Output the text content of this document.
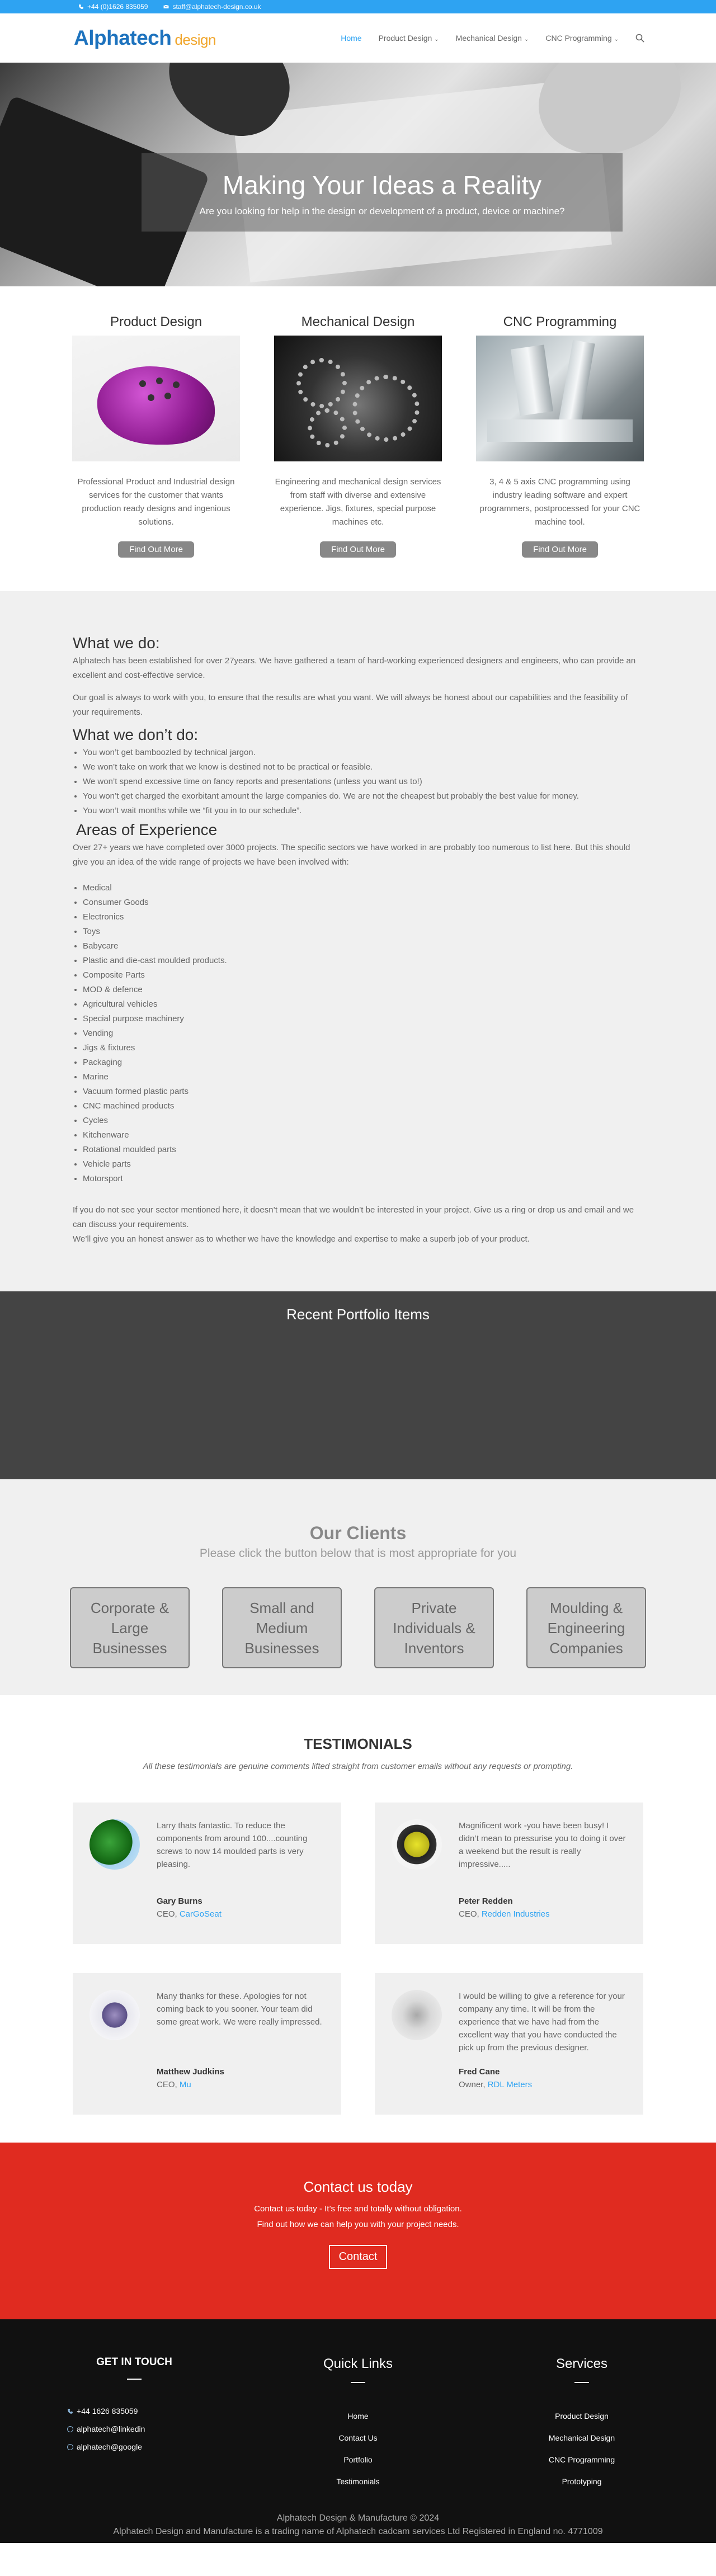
+44 (0)1626 835059	staff@alphatech-design.co.uk
Alphatech design	Home Product Design ⌄ Mechanical Design ⌄ CNC Programming ⌄
Making Your Ideas a Reality

Are you looking for help in the design or development of a product, device or machine?

Product Design

Professional Product and Industrial design services for the customer that wants production ready designs and ingenious solutions.

Find Out More
Mechanical Design

Engineering and mechanical design services from staff with diverse and extensive experience. Jigs, fixtures, special purpose machines etc.

Find Out More
CNC Programming

3, 4 & 5 axis CNC programming using industry leading software and expert programmers, postprocessed for your CNC machine tool.

Find Out More
What we do:

Alphatech has been established for over 27years. We have gathered a team of hard-working experienced designers and engineers, who can provide an excellent and cost-effective service.

Our goal is always to work with you, to ensure that the results are what you want. We will always be honest about our capabilities and the feasibility of your requirements.

What we don’t do:
• You won’t get bamboozled by technical jargon.
• We won’t take on work that we know is destined not to be practical or feasible.
• We won’t spend excessive time on fancy reports and presentations (unless you want us to!)
• You won’t get charged the exorbitant amount the large companies do. We are not the cheapest but probably the best value for money.
• You won’t wait months while we “fit you in to our schedule”.
Areas of Experience

Over 27+ years we have completed over 3000 projects. The specific sectors we have worked in are probably too numerous to list here. But this should give you an idea of the wide range of projects we have been involved with:

• Medical
• Consumer Goods
• Electronics
• Toys
• Babycare
• Plastic and die-cast moulded products.
• Composite Parts
• MOD & defence
• Agricultural vehicles
• Special purpose machinery
• Vending
• Jigs & fixtures
• Packaging
• Marine
• Vacuum formed plastic parts
• CNC machined products
• Cycles
• Kitchenware
• Rotational moulded parts
• Vehicle parts
• Motorsport

If you do not see your sector mentioned here, it doesn’t mean that we wouldn’t be interested in your project. Give us a ring or drop us and email and we can discuss your requirements.
We’ll give you an honest answer as to whether we have the knowledge and expertise to make a superb job of your product.

Recent Portfolio Items
Our Clients
Please click the button below that is most appropriate for you
Corporate & Large Businesses
Small and Medium Businesses
Private Individuals & Inventors
Moulding & Engineering Companies
TESTIMONIALS
All these testimonials are genuine comments lifted straight from customer emails without any requests or prompting.
Larry thats fantastic. To reduce the components from around 100....counting screws to now 14 moulded parts is very pleasing.
Gary Burns
CEO, CarGoSeat
Magnificent work -you have been busy! I didn’t mean to pressurise you to doing it over a weekend but the result is really impressive.....
Peter Redden
CEO, Redden Industries
Many thanks for these. Apologies for not coming back to you sooner. Your team did some great work. We were really impressed.
Matthew Judkins
CEO, Mu
I would be willing to give a reference for your company any time. It will be from the experience that we have had from the excellent way that you have conducted the pick up from the previous designer.
Fred Cane
Owner, RDL Meters
Contact us today

Contact us today - It’s free and totally without obligation.
Find out how we can help you with your project needs.

Contact
GET IN TOUCH
+44 1626 835059
alphatech@linkedin
alphatech@google
Quick Links
Home
Contact Us
Portfolio
Testimonials
Services
Product Design
Mechanical Design
CNC Programming
Prototyping
Alphatech Design & Manufacture © 2024
Alphatech Design and Manufacture is a trading name of Alphatech cadcam services Ltd Registered in England no. 4771009
